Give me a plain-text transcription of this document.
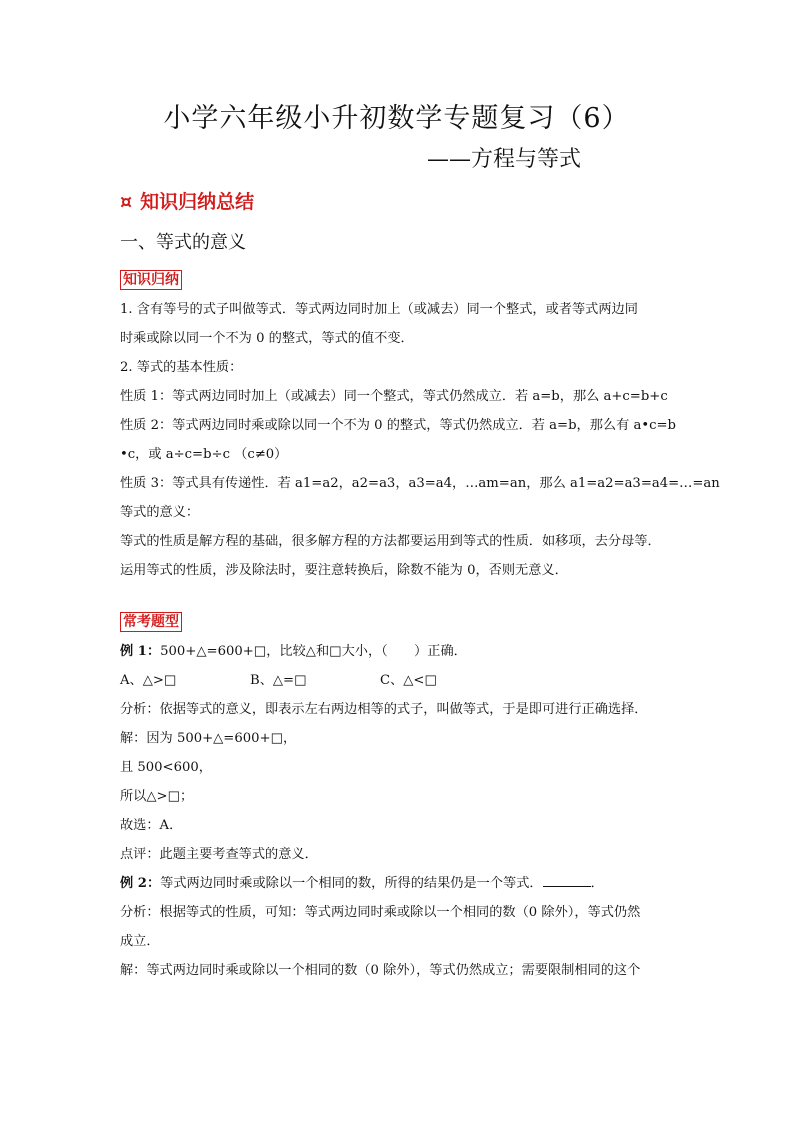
小学六年级小升初数学专题复习（6）
——方程与等式
¤ 知识归纳总结
一、等式的意义
知识归纳

1. 含有等号的式子叫做等式．等式两边同时加上（或减去）同一个整式，或者等式两边同

时乘或除以同一个不为 0 的整式，等式的值不变．

2. 等式的基本性质：

性质 1：等式两边同时加上（或减去）同一个整式，等式仍然成立．若 a=b，那么 a+c=b+c

性质 2：等式两边同时乘或除以同一个不为 0 的整式，等式仍然成立．若 a=b，那么有 a•c=b

•c，或 a÷c=b÷c （c≠0）

性质 3：等式具有传递性．若 a1=a2，a2=a3，a3=a4，…am=an，那么 a1=a2=a3=a4=…=an

等式的意义：

等式的性质是解方程的基础，很多解方程的方法都要运用到等式的性质．如移项，去分母等．

运用等式的性质，涉及除法时，要注意转换后，除数不能为 0，否则无意义．

常考题型

例 1：500+△=600+□，比较△和□大小，（　　）正确．

A、△>□	B、△=□	C、△<□

分析：依据等式的意义，即表示左右两边相等的式子，叫做等式，于是即可进行正确选择．

解：因为 500+△=600+□，

且 500<600，

所以△>□；

故选：A．

点评：此题主要考查等式的意义．

例 2：等式两边同时乘或除以一个相同的数，所得的结果仍是一个等式．	．

分析：根据等式的性质，可知：等式两边同时乘或除以一个相同的数（0 除外），等式仍然

成立．

解：等式两边同时乘或除以一个相同的数（0 除外），等式仍然成立；需要限制相同的这个
